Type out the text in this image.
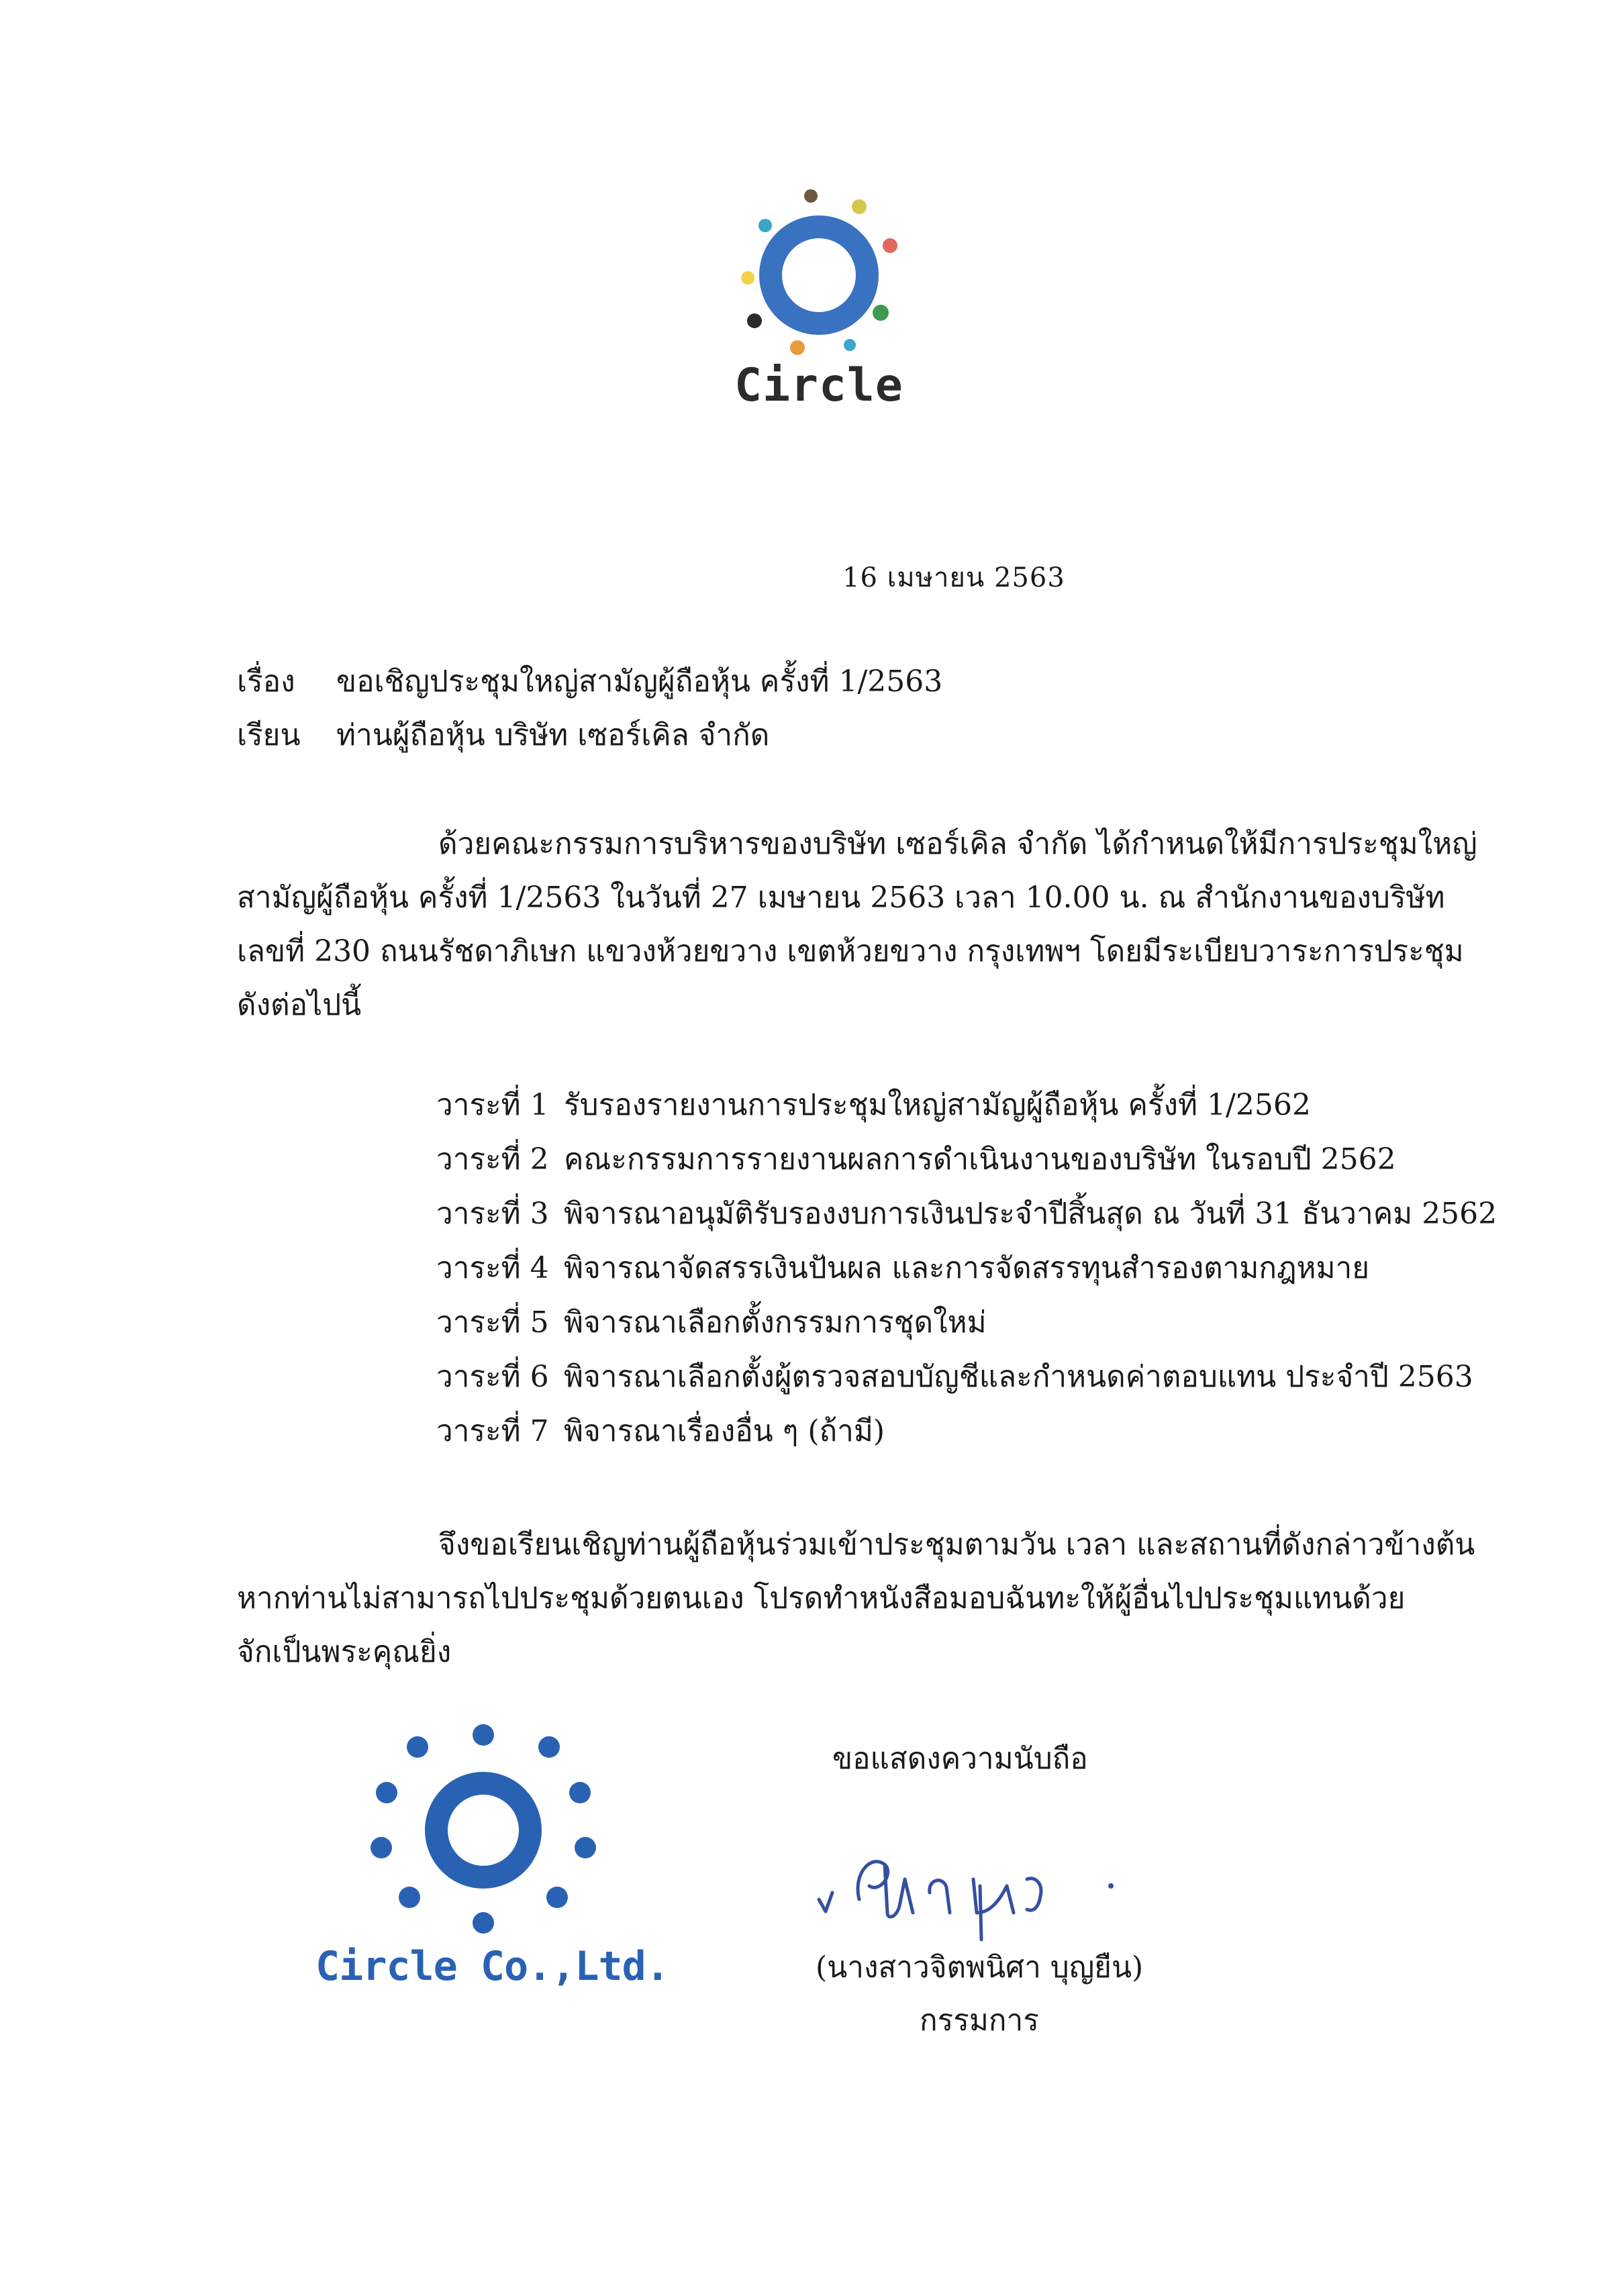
Circle
16 เมษายน 2563
เรื่อง ขอเชิญประชุมใหญ่สามัญผู้ถือหุ้น ครั้งที่ 1/2563
เรียน ท่านผู้ถือหุ้น บริษัท เซอร์เคิล จำกัด
ด้วยคณะกรรมการบริหารของบริษัท เซอร์เคิล จำกัด ได้กำหนดให้มีการประชุมใหญ่
สามัญผู้ถือหุ้น ครั้งที่ 1/2563 ในวันที่ 27 เมษายน 2563 เวลา 10.00 น. ณ สำนักงานของบริษัท
เลขที่ 230 ถนนรัชดาภิเษก แขวงห้วยขวาง เขตห้วยขวาง กรุงเทพฯ โดยมีระเบียบวาระการประชุม
ดังต่อไปนี้
วาระที่ 1 รับรองรายงานการประชุมใหญ่สามัญผู้ถือหุ้น ครั้งที่ 1/2562
วาระที่ 2 คณะกรรมการรายงานผลการดำเนินงานของบริษัท ในรอบปี 2562
วาระที่ 3 พิจารณาอนุมัติรับรองงบการเงินประจำปีสิ้นสุด ณ วันที่ 31 ธันวาคม 2562
วาระที่ 4 พิจารณาจัดสรรเงินปันผล และการจัดสรรทุนสำรองตามกฎหมาย
วาระที่ 5 พิจารณาเลือกตั้งกรรมการชุดใหม่
วาระที่ 6 พิจารณาเลือกตั้งผู้ตรวจสอบบัญชีและกำหนดค่าตอบแทน ประจำปี 2563
วาระที่ 7 พิจารณาเรื่องอื่น ๆ (ถ้ามี)
จึงขอเรียนเชิญท่านผู้ถือหุ้นร่วมเข้าประชุมตามวัน เวลา และสถานที่ดังกล่าวข้างต้น
หากท่านไม่สามารถไปประชุมด้วยตนเอง โปรดทำหนังสือมอบฉันทะให้ผู้อื่นไปประชุมแทนด้วย
จักเป็นพระคุณยิ่ง
Circle Co.,Ltd.
ขอแสดงความนับถือ
(นางสาวจิตพนิศา บุญยืน)
กรรมการ
